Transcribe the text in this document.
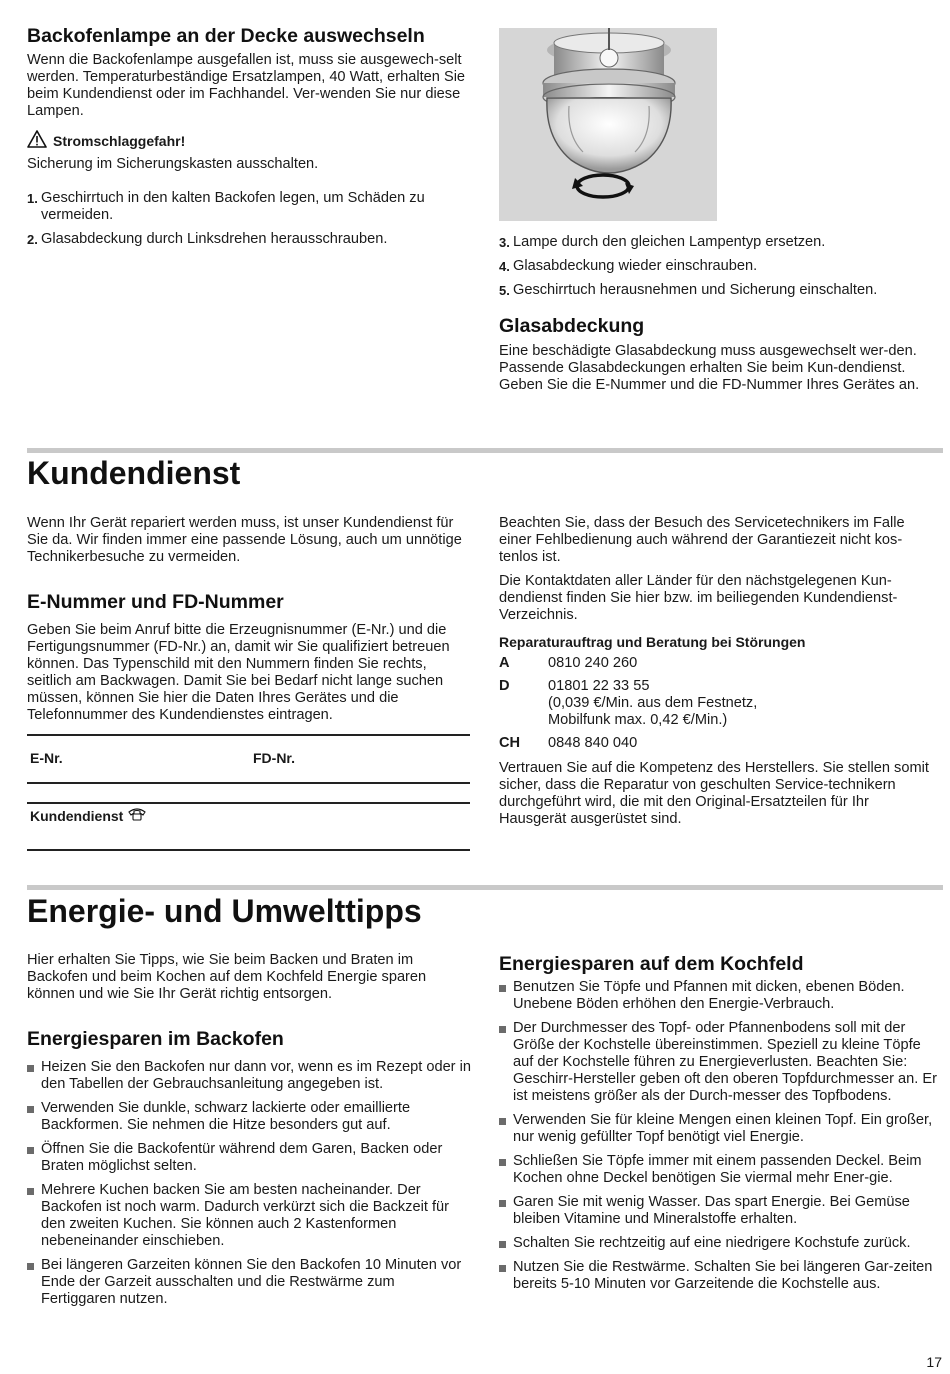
Backofenlampe an der Decke auswechseln

Wenn die Backofenlampe ausgefallen ist, muss sie ausgewech-selt werden. Temperaturbeständige Ersatzlampen, 40 Watt, erhalten Sie beim Kundendienst oder im Fachhandel. Ver-wenden Sie nur diese Lampen.

Stromschlaggefahr!

Sicherung im Sicherungskasten ausschalten.

1. Geschirrtuch in den kalten Backofen legen, um Schäden zu vermeiden.
2. Glasabdeckung durch Linksdrehen herausschrauben.	3. Lampe durch den gleichen Lampentyp ersetzen.
4. Glasabdeckung wieder einschrauben.
5. Geschirrtuch herausnehmen und Sicherung einschalten.
Glasabdeckung

Eine beschädigte Glasabdeckung muss ausgewechselt wer-den. Passende Glasabdeckungen erhalten Sie beim Kun-dendienst. Geben Sie die E-Nummer und die FD-Nummer Ihres Gerätes an.

Kundendienst

Wenn Ihr Gerät repariert werden muss, ist unser Kundendienst für Sie da. Wir finden immer eine passende Lösung, auch um unnötige Technikerbesuche zu vermeiden.

E-Nummer und FD-Nummer

Geben Sie beim Anruf bitte die Erzeugnisnummer (E-Nr.) und die Fertigungsnummer (FD-Nr.) an, damit wir Sie qualifiziert betreuen können. Das Typenschild mit den Nummern finden Sie rechts, seitlich am Backwagen. Damit Sie bei Bedarf nicht lange suchen müssen, können Sie hier die Daten Ihres Gerätes und die Telefonnummer des Kundendienstes eintragen.

E-Nr.	FD-Nr.
Kundendienst

Beachten Sie, dass der Besuch des Servicetechnikers im Falle einer Fehlbedienung auch während der Garantiezeit nicht kos-tenlos ist.

Die Kontaktdaten aller Länder für den nächstgelegenen Kun-dendienst finden Sie hier bzw. im beiliegenden Kundendienst-Verzeichnis.

Reparaturauftrag und Beratung bei Störungen

A	0810 240 260
D	01801 22 33 55
(0,039 €/Min. aus dem Festnetz,
Mobilfunk max. 0,42 €/Min.)
CH	0848 840 040

Vertrauen Sie auf die Kompetenz des Herstellers. Sie stellen somit sicher, dass die Reparatur von geschulten Service-technikern durchgeführt wird, die mit den Original-Ersatzteilen für Ihr Hausgerät ausgerüstet sind.

Energie- und Umwelttipps

Hier erhalten Sie Tipps, wie Sie beim Backen und Braten im Backofen und beim Kochen auf dem Kochfeld Energie sparen können und wie Sie Ihr Gerät richtig entsorgen.

Energiesparen im Backofen
Heizen Sie den Backofen nur dann vor, wenn es im Rezept oder in den Tabellen der Gebrauchsanleitung angegeben ist.
Verwenden Sie dunkle, schwarz lackierte oder emaillierte Backformen. Sie nehmen die Hitze besonders gut auf.
Öffnen Sie die Backofentür während dem Garen, Backen oder Braten möglichst selten.
Mehrere Kuchen backen Sie am besten nacheinander. Der Backofen ist noch warm. Dadurch verkürzt sich die Backzeit für den zweiten Kuchen. Sie können auch 2 Kastenformen nebeneinander einschieben.
Bei längeren Garzeiten können Sie den Backofen 10 Minuten vor Ende der Garzeit ausschalten und die Restwärme zum Fertiggaren nutzen.
Energiesparen auf dem Kochfeld
Benutzen Sie Töpfe und Pfannen mit dicken, ebenen Böden. Unebene Böden erhöhen den Energie-Verbrauch.
Der Durchmesser des Topf- oder Pfannenbodens soll mit der Größe der Kochstelle übereinstimmen. Speziell zu kleine Töpfe auf der Kochstelle führen zu Energieverlusten. Beachten Sie: Geschirr-Hersteller geben oft den oberen Topfdurchmesser an. Er ist meistens größer als der Durch-messer des Topfbodens.
Verwenden Sie für kleine Mengen einen kleinen Topf. Ein großer, nur wenig gefüllter Topf benötigt viel Energie.
Schließen Sie Töpfe immer mit einem passenden Deckel. Beim Kochen ohne Deckel benötigen Sie viermal mehr Ener-gie.
Garen Sie mit wenig Wasser. Das spart Energie. Bei Gemüse bleiben Vitamine und Mineralstoffe erhalten.
Schalten Sie rechtzeitig auf eine niedrigere Kochstufe zurück.
Nutzen Sie die Restwärme. Schalten Sie bei längeren Gar-zeiten bereits 5-10 Minuten vor Garzeitende die Kochstelle aus.
17
